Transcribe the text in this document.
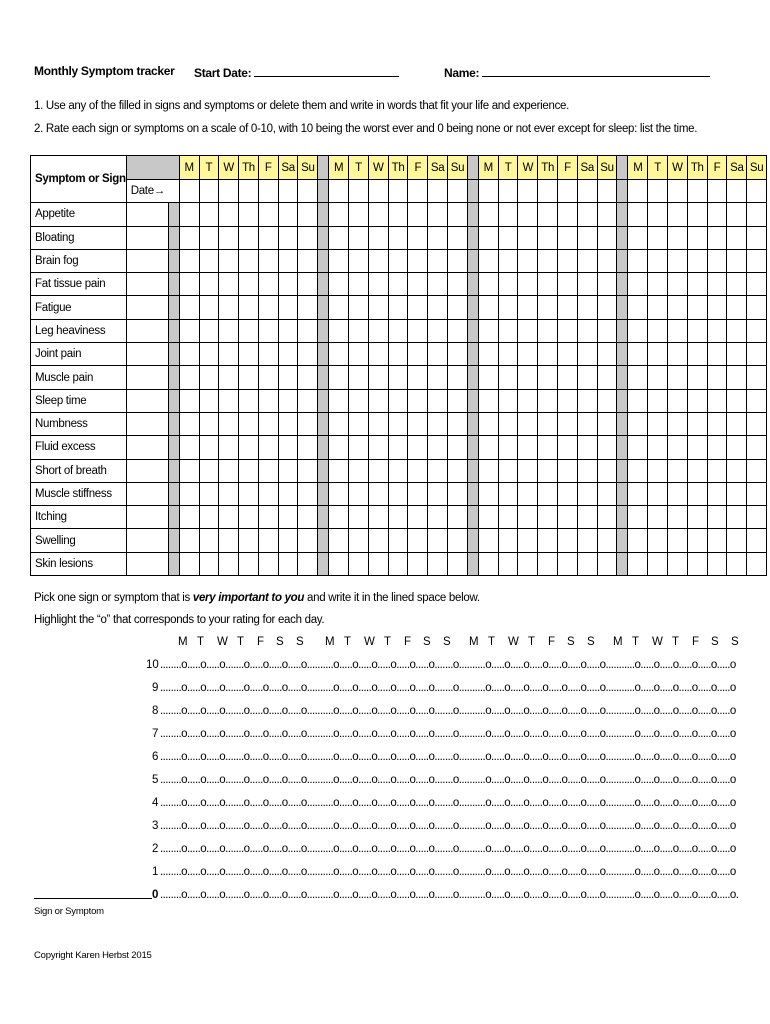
Monthly Symptom tracker Start Date:	Name:
1. Use any of the filled in signs and symptoms or delete them and write in words that fit your life and experience.
2. Rate each sign or symptoms on a scale of 0-10, with 10 being the worst ever and 0 being none or not ever except for sleep: list the time.
Symptom or Sign			M	T	W	Th	F	Sa	Su		M	T	W	Th	F	Sa	Su		M	T	W	Th	F	Sa	Su		M	T	W	Th	F	Sa	Su
	Date→																																
Appetite																																	
Bloating																																	
Brain fog																																	
Fat tissue pain																																	
Fatigue																																	
Leg heaviness																																	
Joint pain																																	
Muscle pain																																	
Sleep time																																	
Numbness																																	
Fluid excess																																	
Short of breath																																	
Muscle stiffness																																	
Itching																																	
Swelling																																	
Skin lesions																																	
Pick one sign or symptom that is very important to you and write it in the lined space below.
Highlight the “o” that corresponds to your rating for each day.
M T W T F S S M T W T F S S M T W T F S S M T W T F S S
10 ........o.....o.....o.......o.....o.....o.....o..........o.....o.....o.....o.....o.....o.......o..........o.....o.....o.....o.....o.....o.....o...........o.....o.....o.....o.....o.....o
9 ........o.....o.....o.......o.....o.....o.....o..........o.....o.....o.....o.....o.....o.......o..........o.....o.....o.....o.....o.....o.....o...........o.....o.....o.....o.....o.....o
8 ........o.....o.....o.......o.....o.....o.....o..........o.....o.....o.....o.....o.....o.......o..........o.....o.....o.....o.....o.....o.....o...........o.....o.....o.....o.....o.....o
7 ........o.....o.....o.......o.....o.....o.....o..........o.....o.....o.....o.....o.....o.......o..........o.....o.....o.....o.....o.....o.....o...........o.....o.....o.....o.....o.....o
6 ........o.....o.....o.......o.....o.....o.....o..........o.....o.....o.....o.....o.....o.......o..........o.....o.....o.....o.....o.....o.....o...........o.....o.....o.....o.....o.....o
5 ........o.....o.....o.......o.....o.....o.....o..........o.....o.....o.....o.....o.....o.......o..........o.....o.....o.....o.....o.....o.....o...........o.....o.....o.....o.....o.....o
4 ........o.....o.....o.......o.....o.....o.....o..........o.....o.....o.....o.....o.....o.......o..........o.....o.....o.....o.....o.....o.....o...........o.....o.....o.....o.....o.....o
3 ........o.....o.....o.......o.....o.....o.....o..........o.....o.....o.....o.....o.....o.......o..........o.....o.....o.....o.....o.....o.....o...........o.....o.....o.....o.....o.....o
2 ........o.....o.....o.......o.....o.....o.....o..........o.....o.....o.....o.....o.....o.......o..........o.....o.....o.....o.....o.....o.....o...........o.....o.....o.....o.....o.....o
1 ........o.....o.....o.......o.....o.....o.....o..........o.....o.....o.....o.....o.....o.......o..........o.....o.....o.....o.....o.....o.....o...........o.....o.....o.....o.....o.....o
0 ........o.....o.....o.......o.....o.....o.....o..........o.....o.....o.....o.....o.....o.......o..........o.....o.....o.....o.....o.....o.....o...........o.....o.....o.....o.....o.....o.
Sign or Symptom
Copyright Karen Herbst 2015
